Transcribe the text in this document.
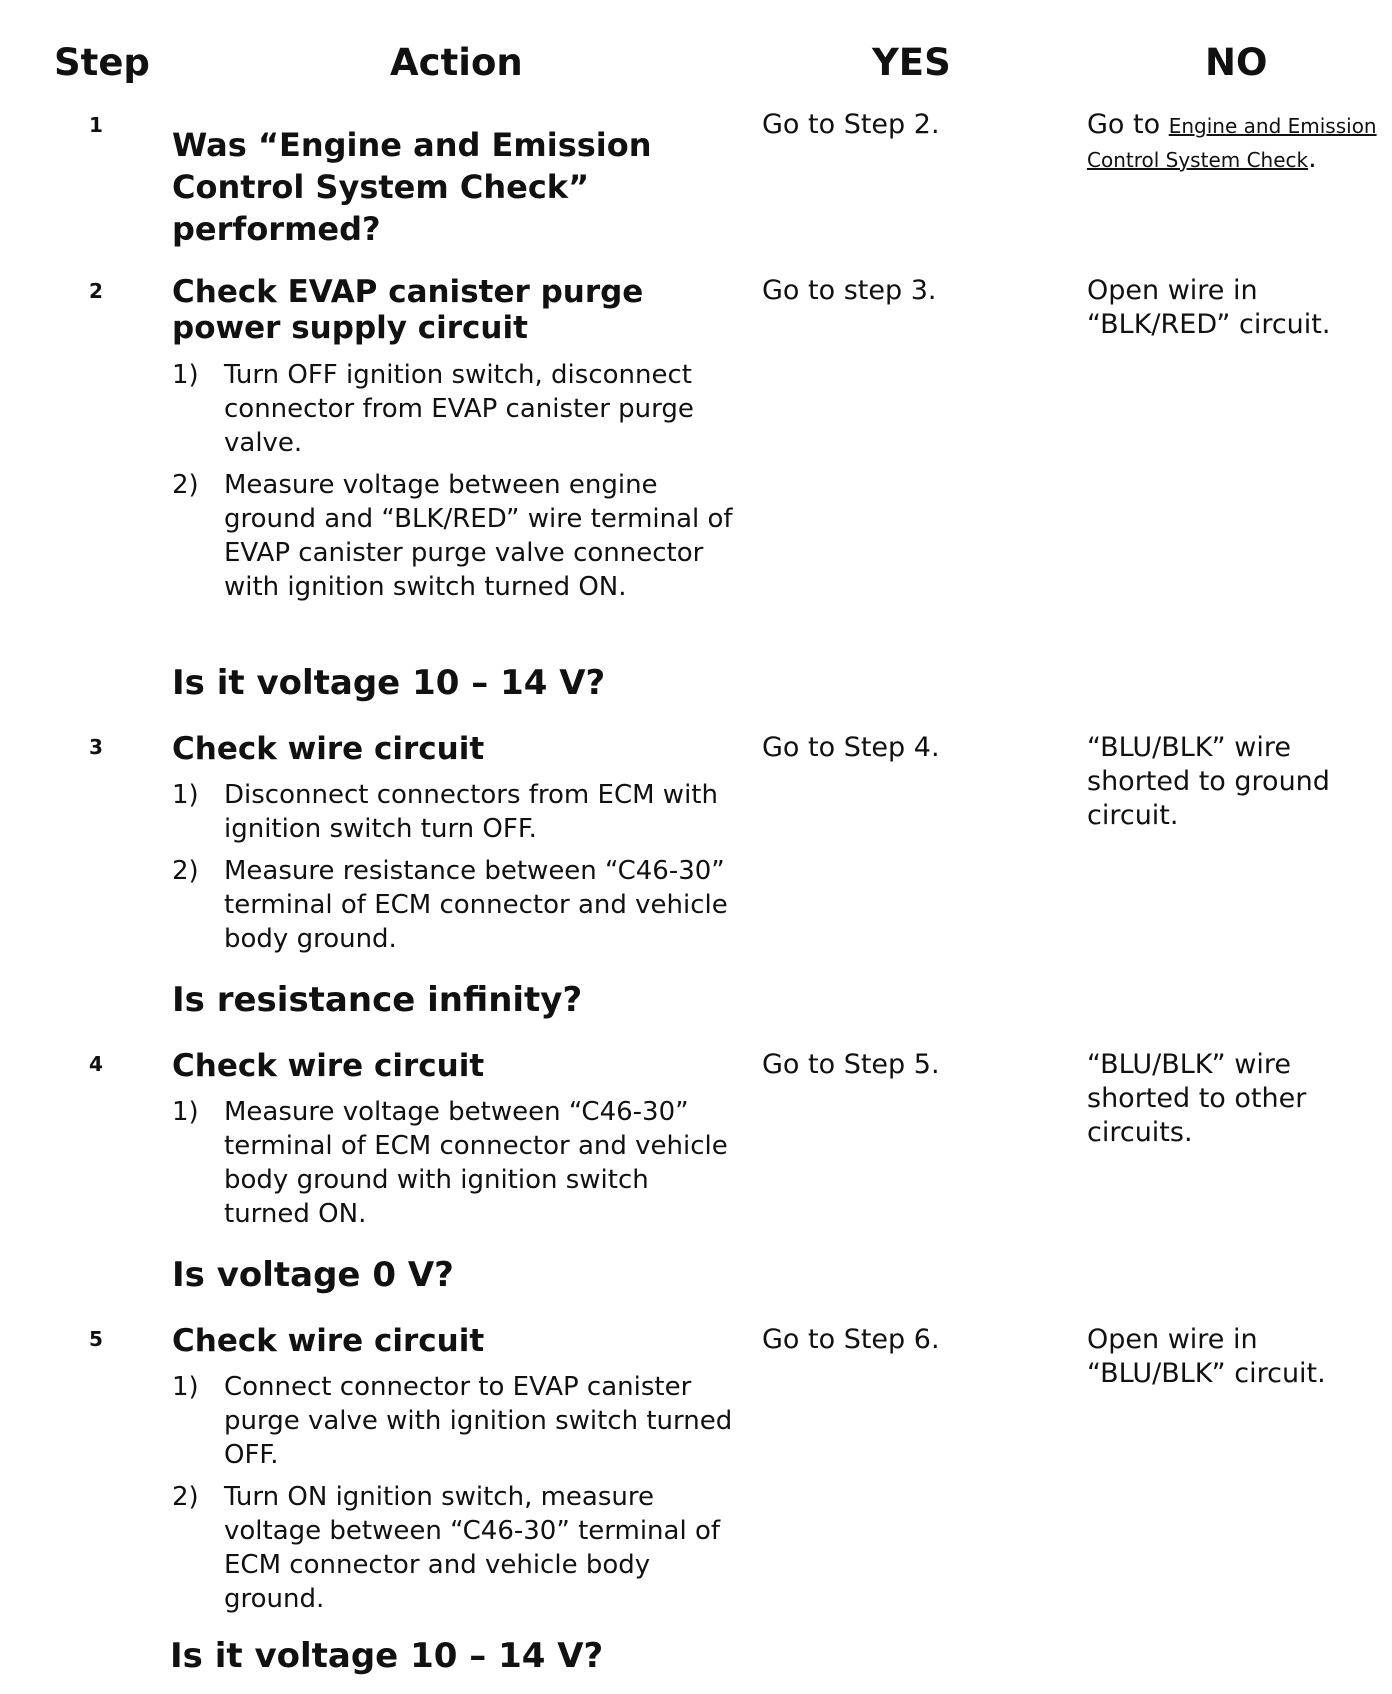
Step	Action	YES	NO
1

Was “Engine and Emission Control System Check” performed?

Go to Step 2.	Go to Engine and Emission Control System Check.
2 Check EVAP canister purge power supply circuit

1) Turn OFF ignition switch, disconnect connector from EVAP canister purge valve.
2) Measure voltage between engine ground and “BLK/RED” wire terminal of EVAP canister purge valve connector with ignition switch turned ON.

Is it voltage 10 – 14 V?

Go to step 3.	Open wire in “BLK/RED” circuit.
3 Check wire circuit

1) Disconnect connectors from ECM with ignition switch turn OFF.
2) Measure resistance between “C46-30” terminal of ECM connector and vehicle body ground.

Is resistance infinity?

Go to Step 4.	“BLU/BLK” wire shorted to ground circuit.
4 Check wire circuit

1) Measure voltage between “C46-30” terminal of ECM connector and vehicle body ground with ignition switch turned ON.

Is voltage 0 V?

Go to Step 5.	“BLU/BLK” wire shorted to other circuits.
5 Check wire circuit

1) Connect connector to EVAP canister purge valve with ignition switch turned OFF.
2) Turn ON ignition switch, measure voltage between “C46-30” terminal of ECM connector and vehicle body ground.

Is it voltage 10 – 14 V?

Go to Step 6.	Open wire in “BLU/BLK” circuit.
